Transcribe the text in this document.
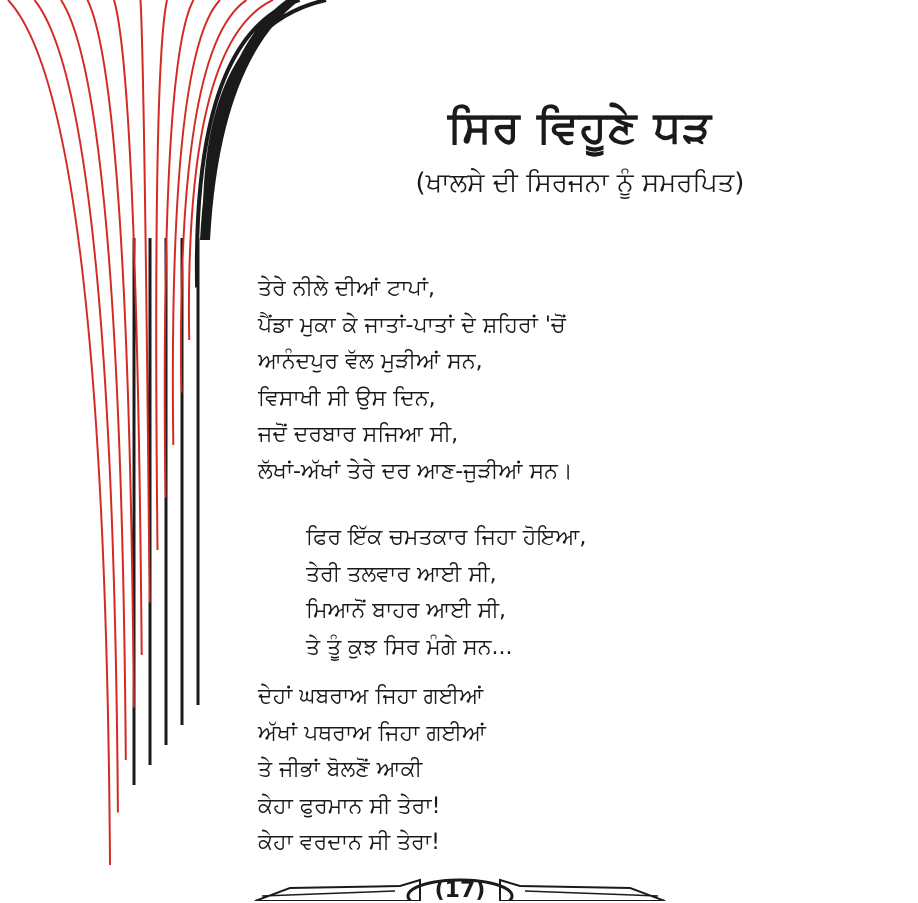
ਸਿਰ ਵਿਹੂਣੇ ਧੜ

(ਖਾਲਸੇ ਦੀ ਸਿਰਜਨਾ ਨੂੰ ਸਮਰਪਿਤ)

ਤੇਰੇ ਨੀਲੇ ਦੀਆਂ ਟਾਪਾਂ,
ਪੈਂਡਾ ਮੁਕਾ ਕੇ ਜਾਤਾਂ-ਪਾਤਾਂ ਦੇ ਸ਼ਹਿਰਾਂ 'ਚੋਂ
ਆਨੰਦਪੁਰ ਵੱਲ ਮੁੜੀਆਂ ਸਨ,
ਵਿਸਾਖੀ ਸੀ ਉਸ ਦਿਨ,
ਜਦੋਂ ਦਰਬਾਰ ਸਜਿਆ ਸੀ,
ਲੱਖਾਂ-ਅੱਖਾਂ ਤੇਰੇ ਦਰ ਆਣ-ਜੁੜੀਆਂ ਸਨ।
ਫਿਰ ਇੱਕ ਚਮਤਕਾਰ ਜਿਹਾ ਹੋਇਆ,
ਤੇਰੀ ਤਲਵਾਰ ਆਈ ਸੀ,
ਮਿਆਨੋਂ ਬਾਹਰ ਆਈ ਸੀ,
ਤੇ ਤੂੰ ਕੁਝ ਸਿਰ ਮੰਗੇ ਸਨ...
ਦੇਹਾਂ ਘਬਰਾਅ ਜਿਹਾ ਗਈਆਂ
ਅੱਖਾਂ ਪਥਰਾਅ ਜਿਹਾ ਗਈਆਂ
ਤੇ ਜੀਭਾਂ ਬੋਲਣੋਂ ਆਕੀ
ਕੇਹਾ ਫੁਰਮਾਨ ਸੀ ਤੇਰਾ!
ਕੇਹਾ ਵਰਦਾਨ ਸੀ ਤੇਰਾ!
(17)
